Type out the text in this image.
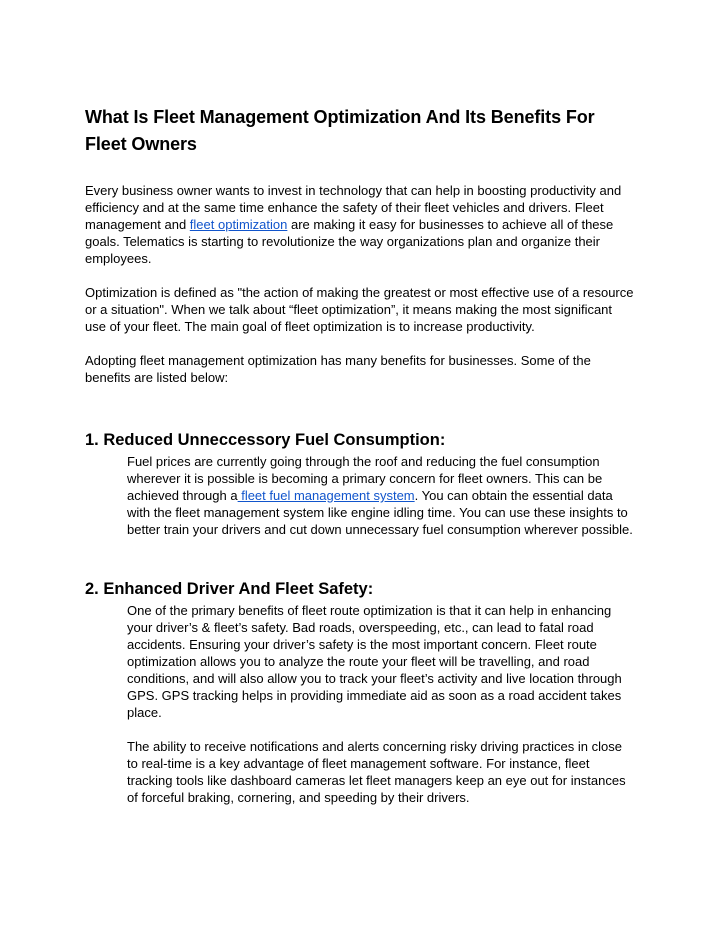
What Is Fleet Management Optimization And Its Benefits For Fleet Owners

Every business owner wants to invest in technology that can help in boosting productivity and efficiency and at the same time enhance the safety of their fleet vehicles and drivers. Fleet management and fleet optimization are making it easy for businesses to achieve all of these goals. Telematics is starting to revolutionize the way organizations plan and organize their employees.

Optimization is defined as "the action of making the greatest or most effective use of a resource or a situation". When we talk about “fleet optimization”, it means making the most significant use of your fleet. The main goal of fleet optimization is to increase productivity.

Adopting fleet management optimization has many benefits for businesses. Some of the benefits are listed below:

1. Reduced Unneccessory Fuel Consumption:

Fuel prices are currently going through the roof and reducing the fuel consumption wherever it is possible is becoming a primary concern for fleet owners. This can be achieved through a fleet fuel management system. You can obtain the essential data with the fleet management system like engine idling time. You can use these insights to better train your drivers and cut down unnecessary fuel consumption wherever possible.

2. Enhanced Driver And Fleet Safety:

One of the primary benefits of fleet route optimization is that it can help in enhancing your driver’s & fleet’s safety. Bad roads, overspeeding, etc., can lead to fatal road accidents. Ensuring your driver’s safety is the most important concern. Fleet route optimization allows you to analyze the route your fleet will be travelling, and road conditions, and will also allow you to track your fleet’s activity and live location through GPS. GPS tracking helps in providing immediate aid as soon as a road accident takes place.

The ability to receive notifications and alerts concerning risky driving practices in close to real-time is a key advantage of fleet management software. For instance, fleet tracking tools like dashboard cameras let fleet managers keep an eye out for instances of forceful braking, cornering, and speeding by their drivers.
